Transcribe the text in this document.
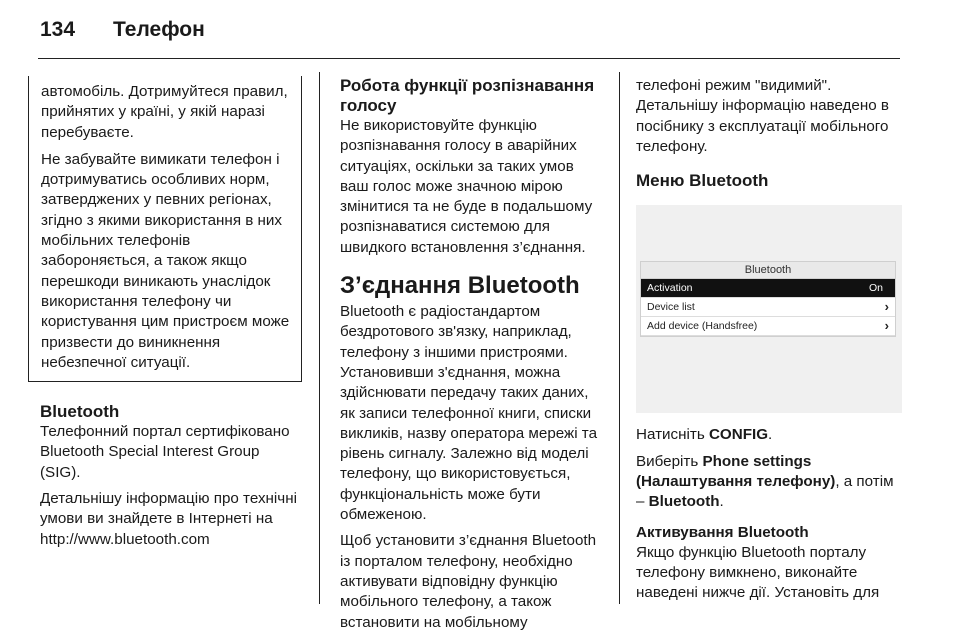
134 Телефон

автомобіль. Дотримуйтеся правил, прийнятих у країні, у якій наразі перебуваєте.

Не забувайте вимикати телефон і дотримуватись особливих норм, затверджених у певних регіонах, згідно з якими використання в них мобільних телефонів забороняється, а також якщо перешкоди виникають унаслідок використання телефону чи користування цим пристроєм може призвести до виникнення небезпечної ситуації.

Bluetooth

Телефонний портал сертифіковано Bluetooth Special Interest Group (SIG).

Детальнішу інформацію про технічні умови ви знайдете в Інтернеті на
http://www.bluetooth.com

Робота функції розпізнавання голосу

Не використовуйте функцію розпізнавання голосу в аварійних ситуаціях, оскільки за таких умов ваш голос може значною мірою змінитися та не буде в подальшому розпізнаватися системою для швидкого встановлення з’єднання.

З’єднання Bluetooth

Bluetooth є радіостандартом бездротового зв'язку, наприклад, телефону з іншими пристроями. Установивши з'єднання, можна здійснювати передачу таких даних, як записи телефонної книги, списки викликів, назву оператора мережі та рівень сигналу. Залежно від моделі телефону, що використовується, функціональність може бути обмеженою.

Щоб установити з’єднання Bluetooth із порталом телефону, необхідно активувати відповідну функцію мобільного телефону, а також встановити на мобільному

телефоні режим "видимий". Детальнішу інформацію наведено в посібнику з експлуатації мобільного телефону.

Меню Bluetooth
Bluetooth
Activation	On
Device list	›
Add device (Handsfree)	›

Натисніть CONFIG.

Виберіть Phone settings (Налаштування телефону), а потім – Bluetooth.

Активування Bluetooth

Якщо функцію Bluetooth порталу телефону вимкнено, виконайте наведені нижче дії. Установіть для
